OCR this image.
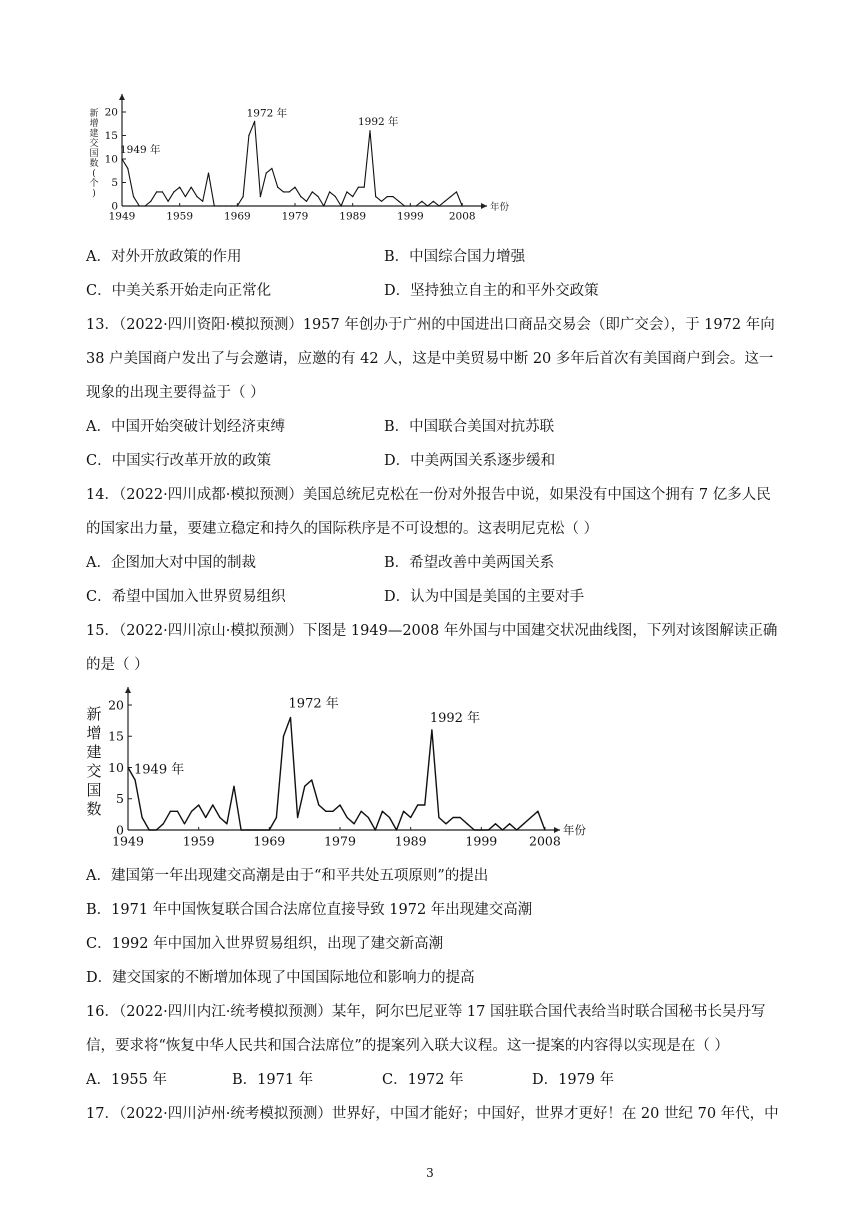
0
5
10
15
20
1949	1959	1969	1979	1989	1999 2008
年份
新
增
建
交
国
数
(
个
)
1949 年
1972 年
1992 年
A．对外开放政策的作用	B．中国综合国力增强
C．中美关系开始走向正常化	D．坚持独立自主的和平外交政策
13．（2022·四川资阳·模拟预测）1957 年创办于广州的中国进出口商品交易会（即广交会），于 1972 年向
38 户美国商户发出了与会邀请，应邀的有 42 人，这是中美贸易中断 20 多年后首次有美国商户到会。这一
现象的出现主要得益于（ ）
A．中国开始突破计划经济束缚	B．中国联合美国对抗苏联
C．中国实行改革开放的政策	D．中美两国关系逐步缓和
14．（2022·四川成都·模拟预测）美国总统尼克松在一份对外报告中说，如果没有中国这个拥有 7 亿多人民
的国家出力量，要建立稳定和持久的国际秩序是不可设想的。这表明尼克松（ ）
A．企图加大对中国的制裁	B．希望改善中美两国关系
C．希望中国加入世界贸易组织	D．认为中国是美国的主要对手
15．（2022·四川凉山·模拟预测）下图是 1949—2008 年外国与中国建交状况曲线图，下列对该图解读正确
的是（ ）
0
5
10
15
20
1949	1959	1969	1979	1989	1999	2008
年份
新
增
建
交
国
数
1949 年
1972 年
1992 年
A．建国第一年出现建交高潮是由于“和平共处五项原则”的提出
B．1971 年中国恢复联合国合法席位直接导致 1972 年出现建交高潮
C．1992 年中国加入世界贸易组织，出现了建交新高潮
D．建交国家的不断增加体现了中国国际地位和影响力的提高
16．（2022·四川内江·统考模拟预测）某年，阿尔巴尼亚等 17 国驻联合国代表给当时联合国秘书长吴丹写
信，要求将“恢复中华人民共和国合法席位”的提案列入联大议程。这一提案的内容得以实现是在（ ）
A．1955 年	B．1971 年	C．1972 年	D．1979 年
17．（2022·四川泸州·统考模拟预测）世界好，中国才能好；中国好，世界才更好！在 20 世纪 70 年代，中
3
